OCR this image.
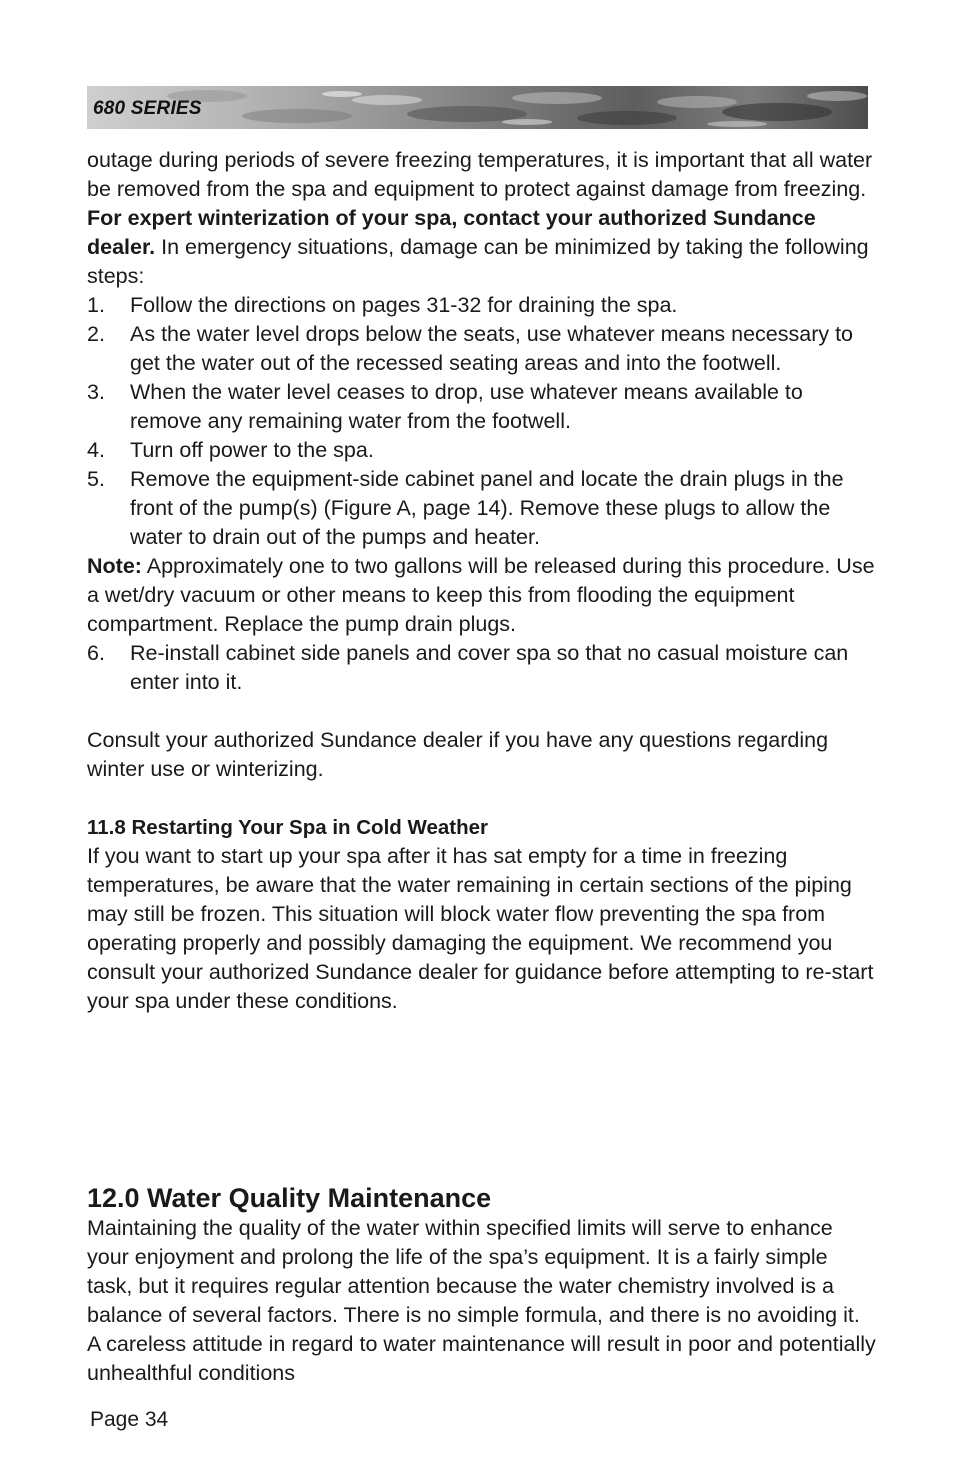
680 SERIES

outage during periods of severe freezing temperatures, it is important that all water be removed from the spa and equipment to protect against damage from freezing. For expert winterization of your spa, contact your authorized Sundance dealer. In emergency situations, damage can be minimized by taking the following steps:

1. Follow the directions on pages 31-32 for draining the spa.
2. As the water level drops below the seats, use whatever means necessary to get the water out of the recessed seating areas and into the footwell.
3. When the water level ceases to drop, use whatever means available to remove any remaining water from the footwell.
4. Turn off power to the spa.
5. Remove the equipment-side cabinet panel and locate the drain plugs in the front of the pump(s) (Figure A, page 14). Remove these plugs to allow the water to drain out of the pumps and heater.

Note: Approximately one to two gallons will be released during this procedure. Use a wet/dry vacuum or other means to keep this from flooding the equipment compartment. Replace the pump drain plugs.

6. Re-install cabinet side panels and cover spa so that no casual moisture can enter into it.

Consult your authorized Sundance dealer if you have any questions regarding winter use or winterizing.

11.8 Restarting Your Spa in Cold Weather

If you want to start up your spa after it has sat empty for a time in freezing temperatures, be aware that the water remaining in certain sections of the piping may still be frozen. This situation will block water flow preventing the spa from operating properly and possibly damaging the equipment. We recommend you consult your authorized Sundance dealer for guidance before attempting to re-start your spa under these conditions.

12.0 Water Quality Maintenance

Maintaining the quality of the water within specified limits will serve to enhance your enjoyment and prolong the life of the spa’s equipment. It is a fairly simple task, but it requires regular attention because the water chemistry involved is a balance of several factors. There is no simple formula, and there is no avoiding it. A careless attitude in regard to water maintenance will result in poor and potentially unhealthful conditions

Page 34
